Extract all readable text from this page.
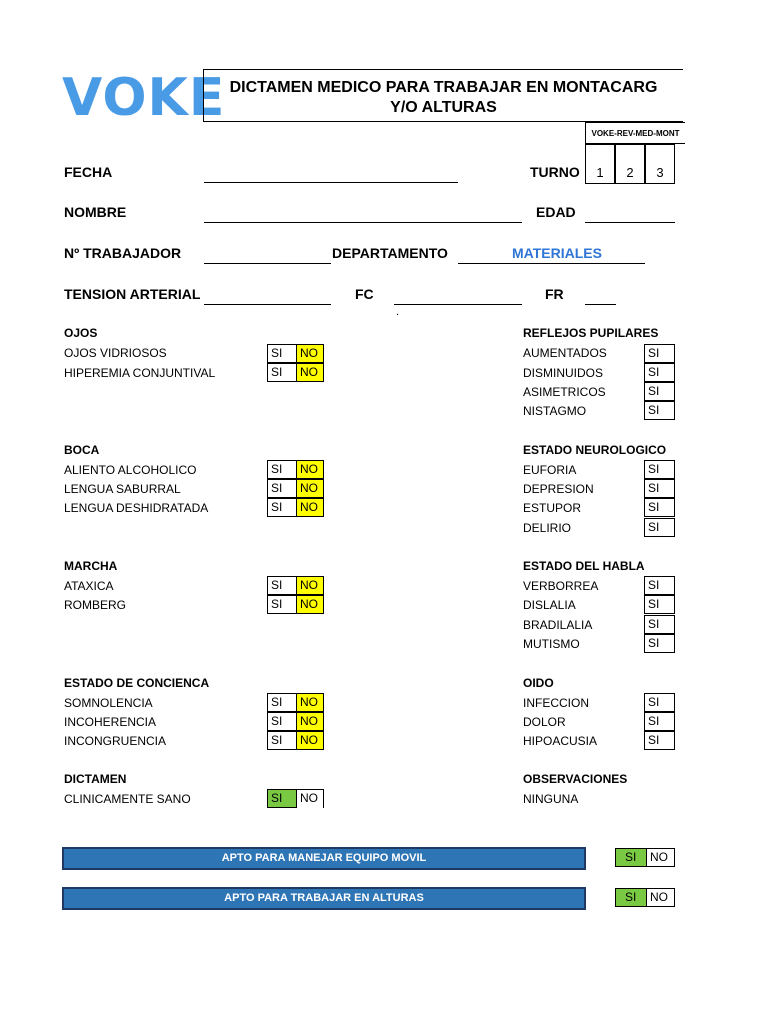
VOKE DICTAMEN MEDICO PARA TRABAJAR EN MONTACARG
Y/O ALTURAS
VOKE-REV-MED-MONT
1	2	3
FECHA	TURNO
NOMBRE	EDAD
Nº TRABAJADOR	DEPARTAMENTO	MATERIALES
TENSION ARTERIAL	FC	FR
.
OJOS
OJOS VIDRIOSOS	SI	NO
HIPEREMIA CONJUNTIVAL	SI	NO
BOCA
ALIENTO ALCOHOLICO	SI	NO
LENGUA SABURRAL	SI	NO
LENGUA DESHIDRATADA	SI	NO
MARCHA
ATAXICA	SI	NO
ROMBERG	SI	NO
ESTADO DE CONCIENCA
SOMNOLENCIA	SI	NO
INCOHERENCIA	SI	NO
INCONGRUENCIA	SI	NO
DICTAMEN
CLINICAMENTE SANO	SI	NO
REFLEJOS PUPILARES
AUMENTADOS	SI
DISMINUIDOS	SI
ASIMETRICOS	SI
NISTAGMO	SI
ESTADO NEUROLOGICO
EUFORIA	SI
DEPRESION	SI
ESTUPOR	SI
DELIRIO	SI
ESTADO DEL HABLA
VERBORREA	SI
DISLALIA	SI
BRADILALIA	SI
MUTISMO	SI
OIDO
INFECCION	SI
DOLOR	SI
HIPOACUSIA	SI
OBSERVACIONES
NINGUNA
APTO PARA MANEJAR EQUIPO MOVIL	SI	NO
APTO PARA TRABAJAR EN ALTURAS	SI	NO
